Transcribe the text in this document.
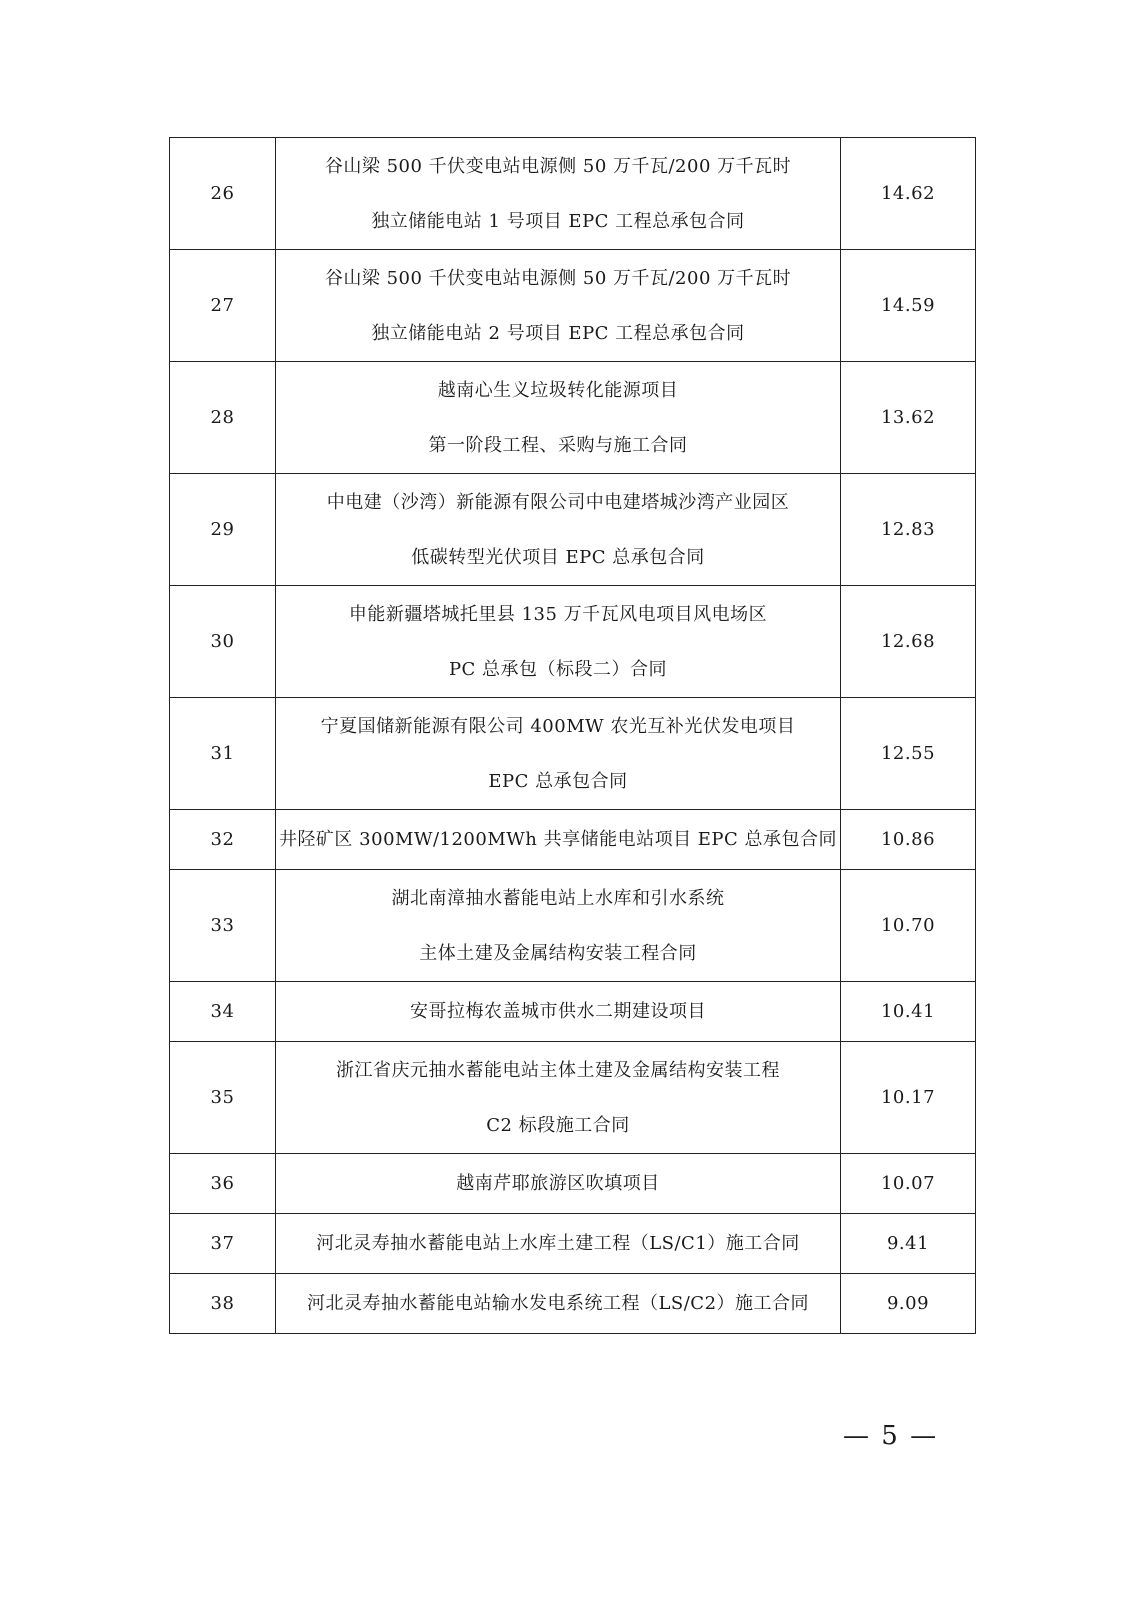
26	谷山梁 500 千伏变电站电源侧 50 万千瓦/200 万千瓦时
独立储能电站 1 号项目 EPC 工程总承包合同	14.62
27	谷山梁 500 千伏变电站电源侧 50 万千瓦/200 万千瓦时
独立储能电站 2 号项目 EPC 工程总承包合同	14.59
28	越南心生义垃圾转化能源项目
第一阶段工程、采购与施工合同	13.62
29	中电建（沙湾）新能源有限公司中电建塔城沙湾产业园区
低碳转型光伏项目 EPC 总承包合同	12.83
30	申能新疆塔城托里县 135 万千瓦风电项目风电场区
PC 总承包（标段二）合同	12.68
31	宁夏国储新能源有限公司 400MW 农光互补光伏发电项目
EPC 总承包合同	12.55
32	井陉矿区 300MW/1200MWh 共享储能电站项目 EPC 总承包合同	10.86
33	湖北南漳抽水蓄能电站上水库和引水系统
主体土建及金属结构安装工程合同	10.70
34	安哥拉梅农盖城市供水二期建设项目	10.41
35	浙江省庆元抽水蓄能电站主体土建及金属结构安装工程
C2 标段施工合同	10.17
36	越南芹耶旅游区吹填项目	10.07
37	河北灵寿抽水蓄能电站上水库土建工程（LS/C1）施工合同	9.41
38	河北灵寿抽水蓄能电站输水发电系统工程（LS/C2）施工合同	9.09
— 5 —
